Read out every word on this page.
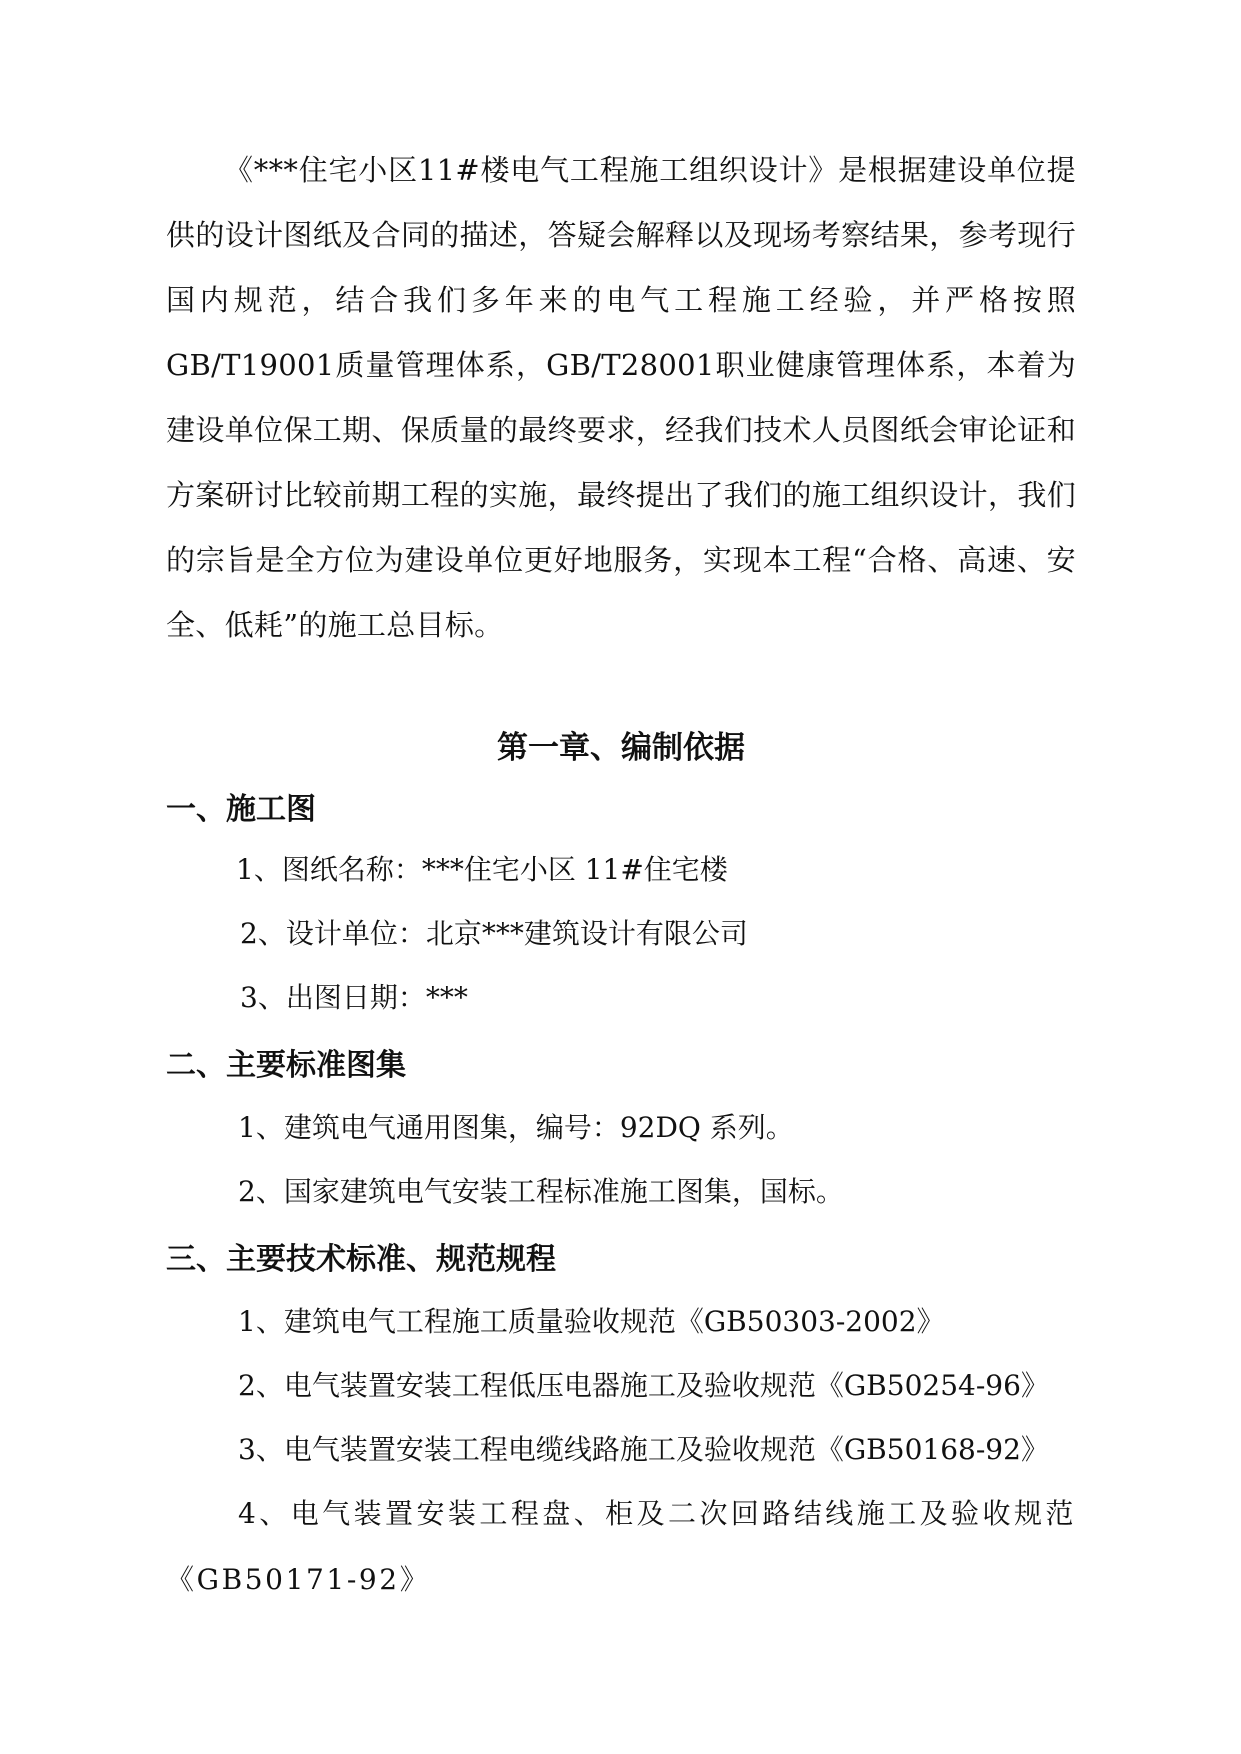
《***住宅小区11#楼电气工程施工组织设计》是根据建设单位提供的设计图纸及合同的描述，答疑会解释以及现场考察结果，参考现行国内规范，结合我们多年来的电气工程施工经验，并严格按照GB/T19001质量管理体系，GB/T28001职业健康管理体系，本着为建设单位保工期、保质量的最终要求，经我们技术人员图纸会审论证和方案研讨比较前期工程的实施，最终提出了我们的施工组织设计，我们的宗旨是全方位为建设单位更好地服务，实现本工程“合格、高速、安全、低耗”的施工总目标。

第一章、编制依据
一、施工图

1、图纸名称：***住宅小区 11#住宅楼

2、设计单位：北京***建筑设计有限公司

3、出图日期：***

二、主要标准图集

1、建筑电气通用图集，编号：92DQ 系列。

2、国家建筑电气安装工程标准施工图集，国标。

三、主要技术标准、规范规程

1、建筑电气工程施工质量验收规范《GB50303-2002》

2、电气装置安装工程低压电器施工及验收规范《GB50254-96》

3、电气装置安装工程电缆线路施工及验收规范《GB50168-92》

4、电气装置安装工程盘、柜及二次回路结线施工及验收规范《GB50171-92》
